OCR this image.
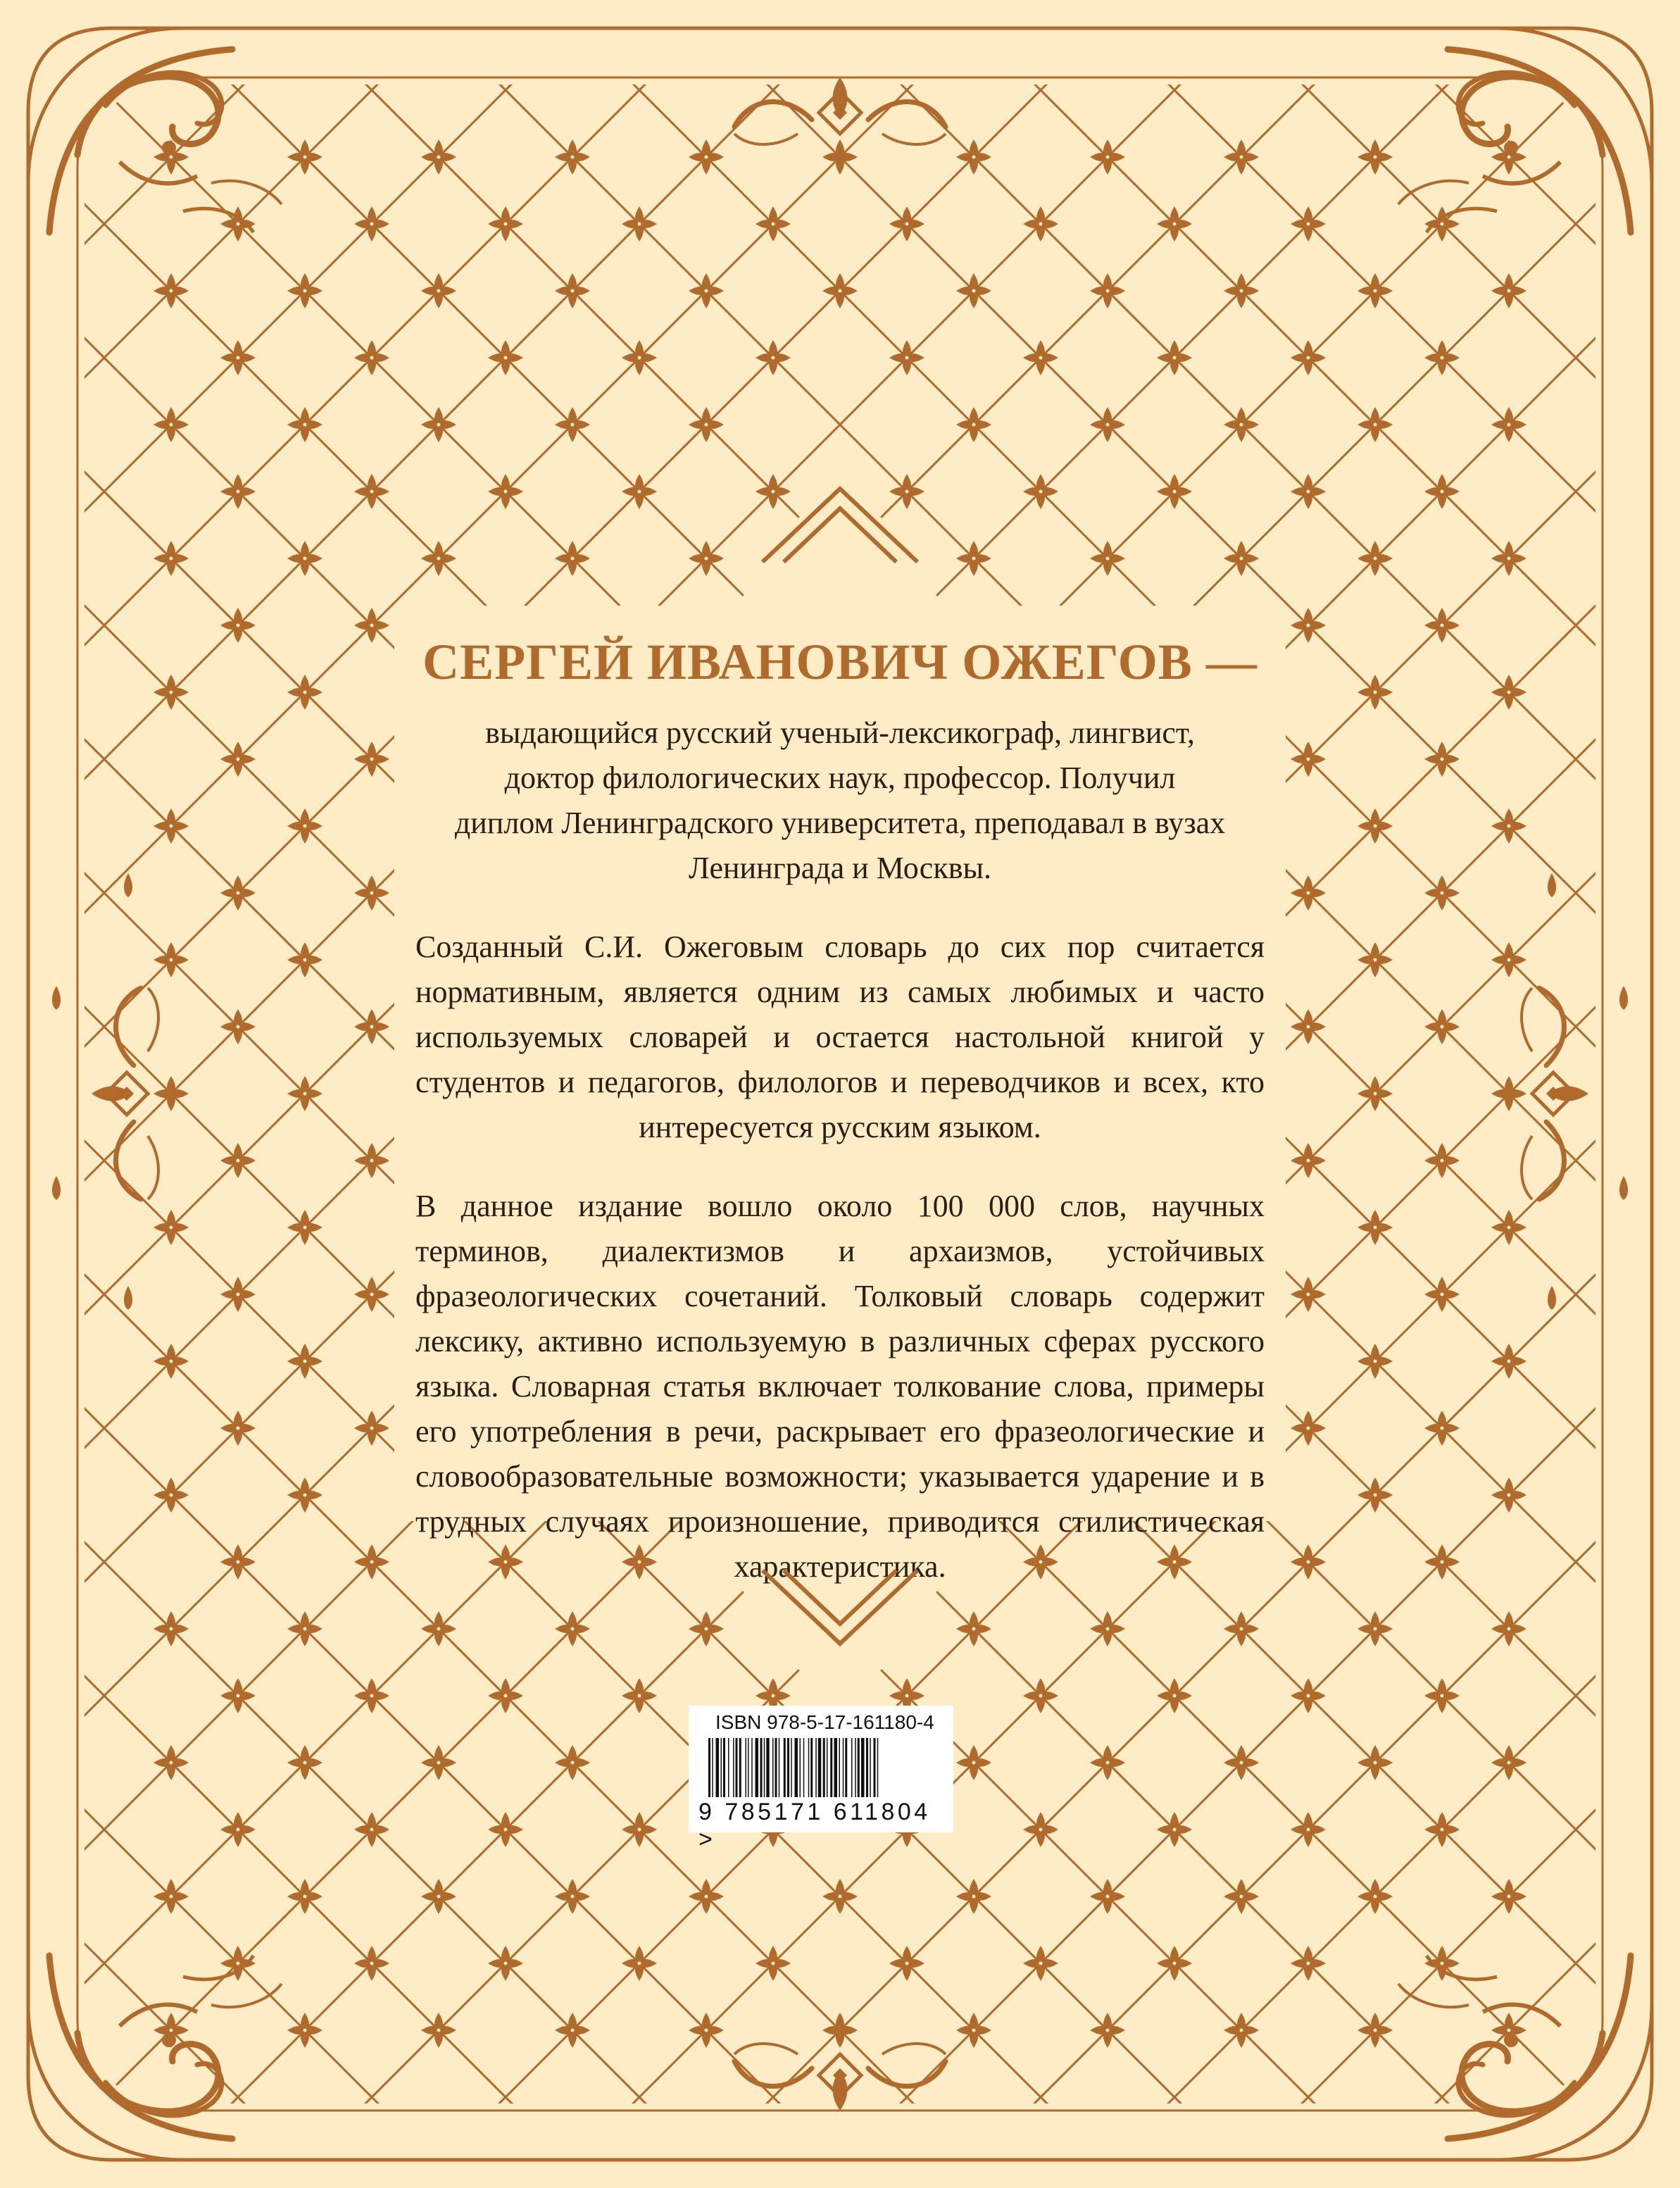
СЕРГЕЙ ИВАНОВИЧ ОЖЕГОВ —
выдающийся русский ученый-лексикограф, лингвист,
доктор филологических наук, профессор. Получил
диплом Ленинградского университета, преподавал в вузах
Ленинграда и Москвы.

Созданный С.И. Ожеговым словарь до сих пор считается нормативным, является одним из самых любимых и часто используемых словарей и остается настольной книгой у студентов и педагогов, филологов и переводчиков и всех, кто интересуется русским языком.

В данное издание вошло около 100 000 слов, научных терминов, диалектизмов и архаизмов, устойчивых фразеологических сочетаний. Толковый словарь содержит лексику, активно используемую в различных сферах русского языка. Словарная статья включает толкование слова, примеры его употребления в речи, раскрывает его фразеологические и словообразовательные возможности; указывается ударение и в трудных случаях произношение, приводится стилистическая характеристика.

ISBN 978-5-17-161180-4
9 785171 611804 >
